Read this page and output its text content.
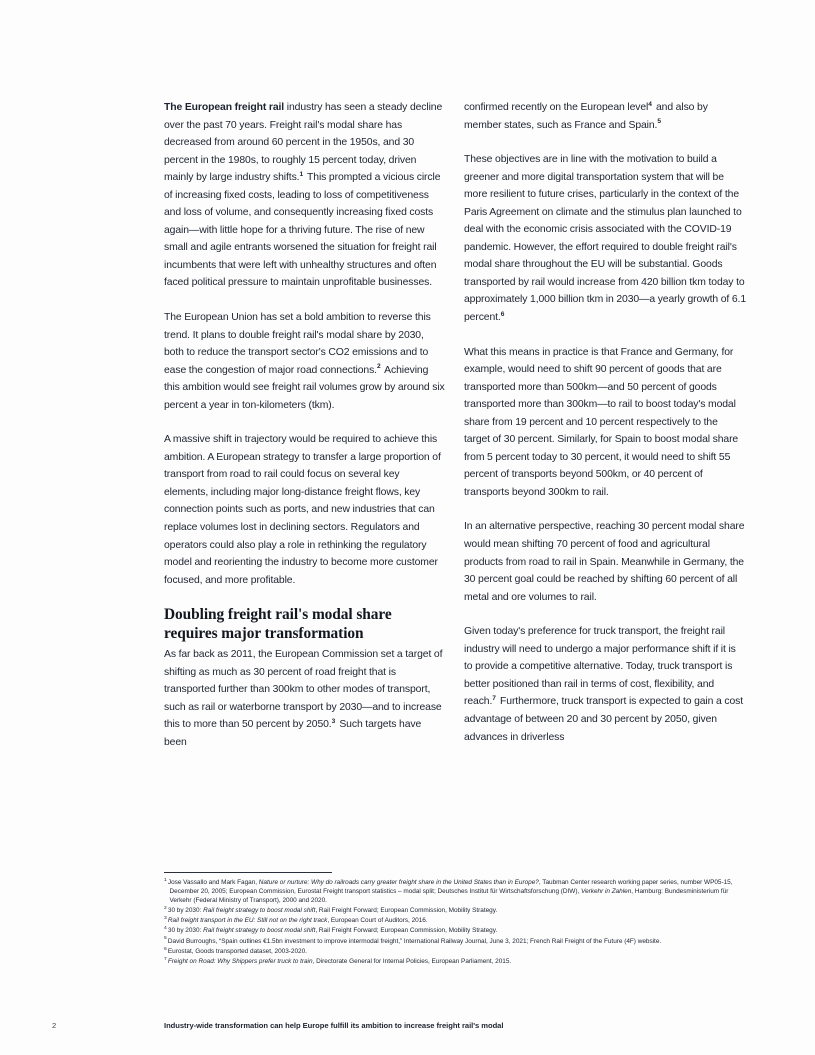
The European freight rail industry has seen a steady decline over the past 70 years. Freight rail's modal share has decreased from around 60 percent in the 1950s, and 30 percent in the 1980s, to roughly 15 percent today, driven mainly by large industry shifts.$^1$ This prompted a vicious circle of increasing fixed costs, leading to loss of competitiveness and loss of volume, and consequently increasing fixed costs again—with little hope for a thriving future. The rise of new small and agile entrants worsened the situation for freight rail incumbents that were left with unhealthy structures and often faced political pressure to maintain unprofitable businesses.

The European Union has set a bold ambition to reverse this trend. It plans to double freight rail's modal share by 2030, both to reduce the transport sector's CO2 emissions and to ease the congestion of major road connections.$^2$ Achieving this ambition would see freight rail volumes grow by around six percent a year in ton-kilometers (tkm).

A massive shift in trajectory would be required to achieve this ambition. A European strategy to transfer a large proportion of transport from road to rail could focus on several key elements, including major long-distance freight flows, key connection points such as ports, and new industries that can replace volumes lost in declining sectors. Regulators and operators could also play a role in rethinking the regulatory model and reorienting the industry to become more customer focused, and more profitable.

Doubling freight rail's modal share requires major transformation

As far back as 2011, the European Commission set a target of shifting as much as 30 percent of road freight that is transported further than 300km to other modes of transport, such as rail or waterborne transport by 2030—and to increase this to more than 50 percent by 2050.$^3$ Such targets have been

confirmed recently on the European level$^4$ and also by member states, such as France and Spain.$^5$

These objectives are in line with the motivation to build a greener and more digital transportation system that will be more resilient to future crises, particularly in the context of the Paris Agreement on climate and the stimulus plan launched to deal with the economic crisis associated with the COVID-19 pandemic. However, the effort required to double freight rail's modal share throughout the EU will be substantial. Goods transported by rail would increase from 420 billion tkm today to approximately 1,000 billion tkm in 2030—a yearly growth of 6.1 percent.$^6$

What this means in practice is that France and Germany, for example, would need to shift 90 percent of goods that are transported more than 500km—and 50 percent of goods transported more than 300km—to rail to boost today's modal share from 19 percent and 10 percent respectively to the target of 30 percent. Similarly, for Spain to boost modal share from 5 percent today to 30 percent, it would need to shift 55 percent of transports beyond 500km, or 40 percent of transports beyond 300km to rail.

In an alternative perspective, reaching 30 percent modal share would mean shifting 70 percent of food and agricultural products from road to rail in Spain. Meanwhile in Germany, the 30 percent goal could be reached by shifting 60 percent of all metal and ore volumes to rail.

Given today's preference for truck transport, the freight rail industry will need to undergo a major performance shift if it is to provide a competitive alternative. Today, truck transport is better positioned than rail in terms of cost, flexibility, and reach.$^7$ Furthermore, truck transport is expected to gain a cost advantage of between 20 and 30 percent by 2050, given advances in driverless

$^1$Jose Vassallo and Mark Fagan, Nature or nurture: Why do railroads carry greater freight share in the United States than in Europe?, Taubman Center research working paper series, number WP05-15, December 20, 2005; European Commission, Eurostat Freight transport statistics – modal split; Deutsches Institut für Wirtschaftsforschung (DIW), Verkehr in Zahlen, Hamburg: Bundesministerium für Verkehr (Federal Ministry of Transport), 2000 and 2020.

$^2$30 by 2030: Rail freight strategy to boost modal shift, Rail Freight Forward; European Commission, Mobility Strategy.

$^3$Rail freight transport in the EU: Still not on the right track, European Court of Auditors, 2016.

$^4$30 by 2030: Rail freight strategy to boost modal shift, Rail Freight Forward; European Commission, Mobility Strategy.

$^5$David Burroughs, “Spain outlines €1.5bn investment to improve intermodal freight,” International Railway Journal, June 3, 2021; French Rail Freight of the Future (4F) website.

$^6$Eurostat, Goods transported dataset, 2003-2020.

$^7$Freight on Road: Why Shippers prefer truck to train, Directorate General for Internal Policies, European Parliament, 2015.

2	Industry-wide transformation can help Europe fulfill its ambition to increase freight rail's modal
